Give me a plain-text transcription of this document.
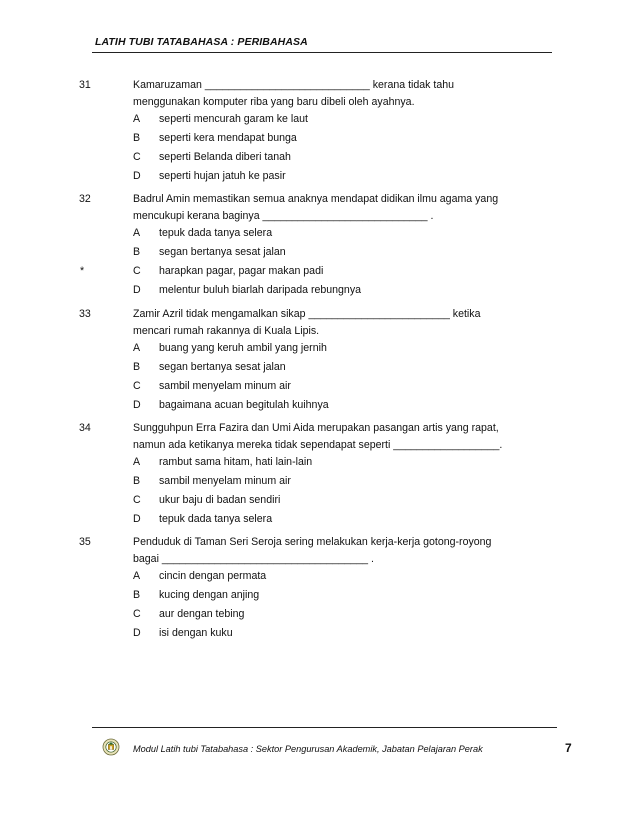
LATIH TUBI TATABAHASA : PERIBAHASA
31	Kamaruzaman ____________________________ kerana tidak tahu
menggunakan komputer riba yang baru dibeli oleh ayahnya.
A seperti mencurah garam ke laut
B seperti kera mendapat bunga
C seperti Belanda diberi tanah
D seperti hujan jatuh ke pasir
32	Badrul Amin memastikan semua anaknya mendapat didikan ilmu agama yang
mencukupi kerana baginya ____________________________ .
A tepuk dada tanya selera
B segan bertanya sesat jalan
*	C harapkan pagar, pagar makan padi
D melentur buluh biarlah daripada rebungnya
33	Zamir Azril tidak mengamalkan sikap ________________________ ketika
mencari rumah rakannya di Kuala Lipis.
A buang yang keruh ambil yang jernih
B segan bertanya sesat jalan
C sambil menyelam minum air
D bagaimana acuan begitulah kuihnya
34	Sungguhpun Erra Fazira dan Umi Aida merupakan pasangan artis yang rapat,
namun ada ketikanya mereka tidak sependapat seperti __________________.
A rambut sama hitam, hati lain-lain
B sambil menyelam minum air
C ukur baju di badan sendiri
D tepuk dada tanya selera
35	Penduduk di Taman Seri Seroja sering melakukan kerja-kerja gotong-royong
bagai ___________________________________ .
A cincin dengan permata
B kucing dengan anjing
C aur dengan tebing
D isi dengan kuku
Modul Latih tubi Tatabahasa : Sektor Pengurusan Akademik, Jabatan Pelajaran Perak	7
